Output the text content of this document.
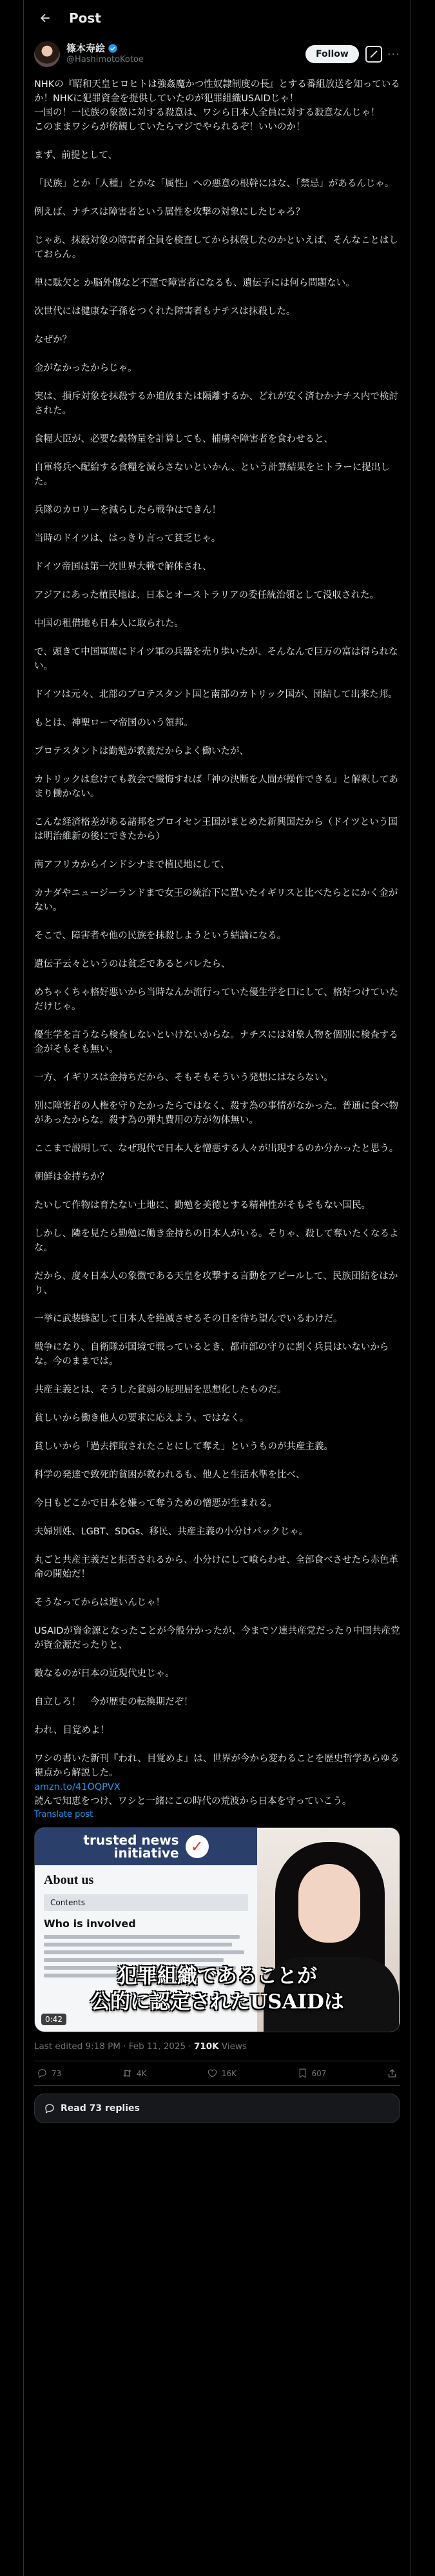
Post
篠本寿絵
@HashimotoKotoe
Follow	···
NHKの『昭和天皇ヒロヒトは強姦魔かつ性奴隷制度の長』とする番組放送を知っているか！NHKに犯罪資金を提供していたのが犯罪組織USAIDじゃ！
一国の！一民族の象徴に対する殺意は、ワシら日本人全員に対する殺意なんじゃ！
このままワシらが傍観していたらマジでやられるぞ！いいのか！
まず、前提として、
「民族」とか「人種」とかな「属性」への悪意の根幹にはな、「禁忌」があるんじゃ。
例えば、ナチスは障害者という属性を攻撃の対象にしたじゃろ？
じゃあ、抹殺対象の障害者全員を検査してから抹殺したのかといえば、そんなことはしておらん。
単に駄欠と か脳外傷など不運で障害者になるも、遺伝子には何ら問題ない。
次世代には健康な子孫をつくれた障害者もナチスは抹殺した。
なぜか？
金がなかったからじゃ。
実は、損斥対象を抹殺するか追放または隔離するか、どれが安く済むかナチス内で検討された。
食糧大臣が、必要な穀物量を計算しても、捕虜や障害者を食わせると、
自軍将兵へ配給する食糧を減らさないといかん、という計算結果をヒトラーに提出した。
兵隊のカロリーを減らしたら戦争はできん！
当時のドイツは、はっきり言って貧乏じゃ。
ドイツ帝国は第一次世界大戦で解体され、
アジアにあった植民地は、日本とオーストラリアの委任統治領として没収された。
中国の租借地も日本人に取られた。
で、頭きて中国軍閥にドイツ軍の兵器を売り歩いたが、そんなんで巨万の富は得られない。
ドイツは元々、北部のプロテスタント国と南部のカトリック国が、団結して出来た邦。
もとは、神聖ローマ帝国のいう領邦。
プロテスタントは勤勉が教義だからよく働いたが、
カトリックは怠けても教会で懺悔すれば「神の決断を人間が操作できる」と解釈してあまり働かない。
こんな経済格差がある諸邦をプロイセン王国がまとめた新興国だから（ドイツという国は明治維新の後にできたから）
南アフリカからインドシナまで植民地にして、
カナダやニュージーランドまで女王の統治下に置いたイギリスと比べたらとにかく金がない。
そこで、障害者や他の民族を抹殺しようという結論になる。
遺伝子云々というのは貧乏であるとバレたら、
めちゃくちゃ格好悪いから当時なんか流行っていた優生学を口にして、格好つけていただけじゃ。
優生学を言うなら検査しないといけないからな。ナチスには対象人物を個別に検査する金がそもそも無い。
一方、イギリスは金持ちだから、そもそもそういう発想にはならない。
別に障害者の人権を守りたかったらではなく、殺す為の事情がなかった。普通に食べ物があったからな。殺す為の弾丸費用の方が勿体無い。
ここまで説明して、なぜ現代で日本人を憎悪する人々が出現するのか分かったと思う。
朝鮮は金持ちか？
たいして作物は育たない土地に、勤勉を美徳とする精神性がそもそもない国民。
しかし、隣を見たら勤勉に働き金持ちの日本人がいる。そりゃ、殺して奪いたくなるよな。
だから、度々日本人の象徴である天皇を攻撃する言動をアピールして、民族団結をはかり、
一挙に武装蜂起して日本人を絶滅させるその日を待ち望んでいるわけだ。
戦争になり、自衛隊が国境で戦っているとき、都市部の守りに割く兵員はいないからな。今のままでは。
共産主義とは、そうした貧弱の屁理屈を思想化したものだ。
貧しいから働き他人の要求に応えよう、ではなく。
貧しいから「過去搾取されたことにして奪え」というものが共産主義。
科学の発達で致死的貧困が救われるも、他人と生活水準を比べ、
今日もどこかで日本を嫌って奪うための憎悪が生まれる。
夫婦別姓、LGBT、SDGs、移民、共産主義の小分けパックじゃ。
丸ごと共産主義だと拒否されるから、小分けにして喰らわせ、全部食べさせたら赤色革命の開始だ！
そうなってからは遅いんじゃ！
USAIDが資金源となったことが今般分かったが、今までソ連共産党だったり中国共産党が資金源だったりと、
敵なるのが日本の近現代史じゃ。
自立しろ！　今が歴史の転換期だぞ！
われ、目覚めよ！
ワシの書いた新刊『われ、目覚めよ』は、世界が今から変わることを歴史哲学あらゆる視点から解説した。
amzn.to/41OQPVX
読んで知恵をつけ、ワシと一緒にこの時代の荒波から日本を守っていこう。
Translate post
trusted news
initiative ✓
About us
Contents
Who is involved
犯罪組織であることが
公的に認定されたUSAIDは
0:42
Last edited 9:18 PM · Feb 11, 2025 · 710K Views
73	4K	16K	607
Read 73 replies
